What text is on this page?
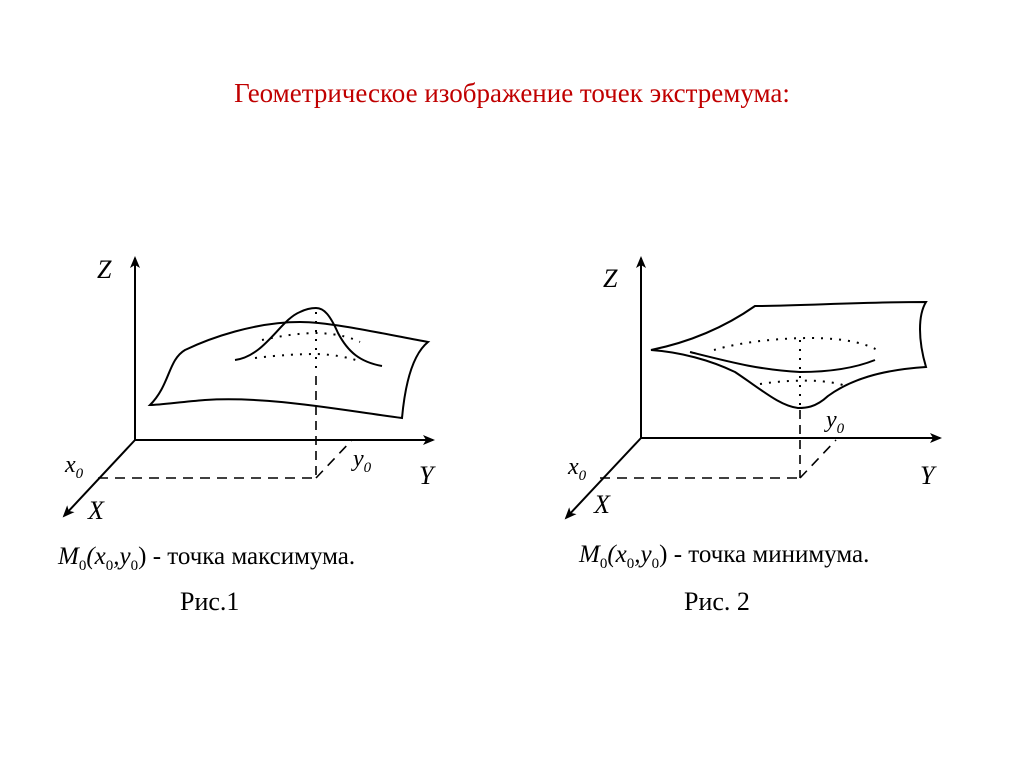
Геометрическое изображение точек экстремума:
Z
Y
X
$x_0$
$y_0$
$M_0(x_0,y_0)$ - точка максимума.
Рис.1
Z
Y
X
$x_0$
$y_0$
$M_0(x_0,y_0)$ - точка минимума.
Рис. 2
